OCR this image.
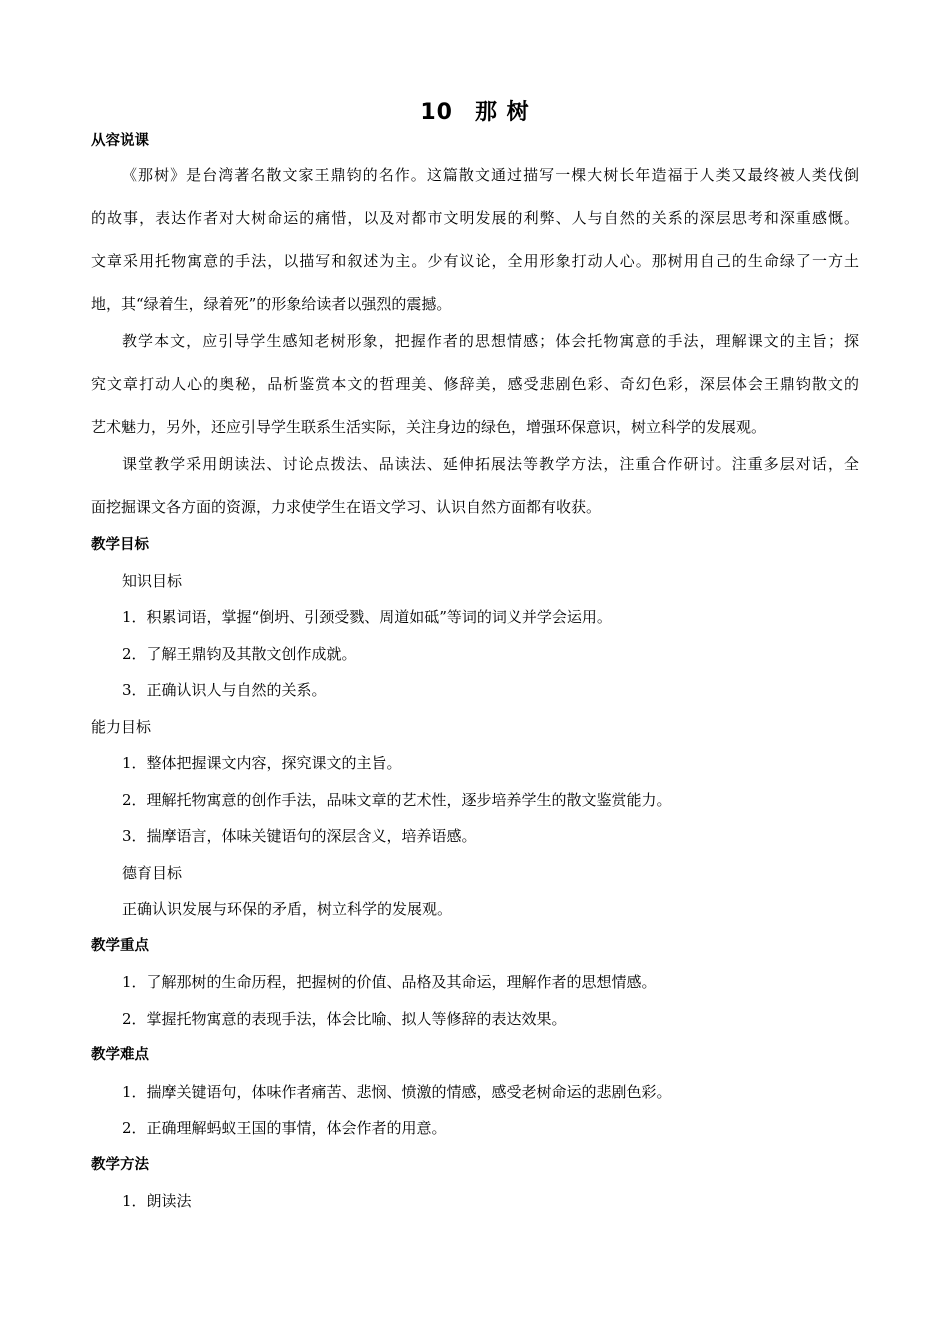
10 那 树
从容说课
《那树》是台湾著名散文家王鼎钧的名作。这篇散文通过描写一棵大树长年造福于人类又最终被人类伐倒
的故事，表达作者对大树命运的痛惜，以及对都市文明发展的利弊、人与自然的关系的深层思考和深重感慨。
文章采用托物寓意的手法，以描写和叙述为主。少有议论，全用形象打动人心。那树用自己的生命绿了一方土
地，其“绿着生，绿着死”的形象给读者以强烈的震撼。
教学本文，应引导学生感知老树形象，把握作者的思想情感；体会托物寓意的手法，理解课文的主旨；探
究文章打动人心的奥秘，品析鉴赏本文的哲理美、修辞美，感受悲剧色彩、奇幻色彩，深层体会王鼎钧散文的
艺术魅力，另外，还应引导学生联系生活实际，关注身边的绿色，增强环保意识，树立科学的发展观。
课堂教学采用朗读法、讨论点拨法、品读法、延伸拓展法等教学方法，注重合作研讨。注重多层对话，全
面挖掘课文各方面的资源，力求使学生在语文学习、认识自然方面都有收获。
教学目标
知识目标
1．积累词语，掌握“倒坍、引颈受戮、周道如砥”等词的词义并学会运用。
2．了解王鼎钧及其散文创作成就。
3．正确认识人与自然的关系。
能力目标
1．整体把握课文内容，探究课文的主旨。
2．理解托物寓意的创作手法，品味文章的艺术性，逐步培养学生的散文鉴赏能力。
3．揣摩语言，体味关键语句的深层含义，培养语感。
德育目标
正确认识发展与环保的矛盾，树立科学的发展观。
教学重点
1．了解那树的生命历程，把握树的价值、品格及其命运，理解作者的思想情感。
2．掌握托物寓意的表现手法，体会比喻、拟人等修辞的表达效果。
教学难点
1．揣摩关键语句，体味作者痛苦、悲悯、愤激的情感，感受老树命运的悲剧色彩。
2．正确理解蚂蚁王国的事情，体会作者的用意。
教学方法
1．朗读法
